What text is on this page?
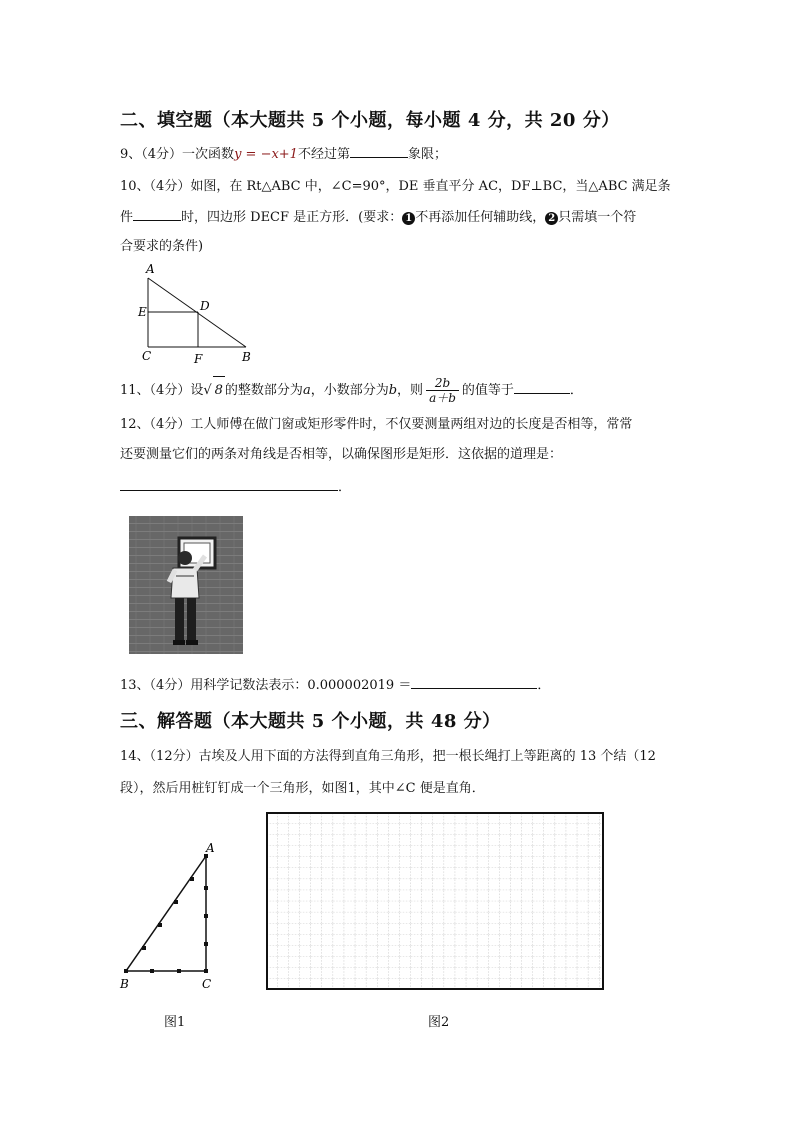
二、填空题（本大题共 5 个小题，每小题 4 分，共 20 分）
9、（4分）一次函数y = −x+1不经过第	象限；
10、（4分）如图，在 Rt△ABC 中，∠C=90°，DE 垂直平分 AC，DF⊥BC，当△ABC 满足条
件	时，四边形 DECF 是正方形．(要求： 1 不再添加任何辅助线， 2 只需填一个符
合要求的条件)
A
D
E
C	F	B
11、（4分）设√ 8 的整数部分为a，小数部分为b，则 $\frac{2b}{a+b}$ 的值等于	．
12、（4分）工人师傅在做门窗或矩形零件时，不仅要测量两组对边的长度是否相等，常常
还要测量它们的两条对角线是否相等，以确保图形是矩形．这依据的道理是：
．
13、（4分）用科学记数法表示：0.000002019 ＝	．
三、解答题（本大题共 5 个小题，共 48 分）
14、（12分）古埃及人用下面的方法得到直角三角形，把一根长绳打上等距离的 13 个结（12
段），然后用桩钉钉成一个三角形，如图1，其中∠C 便是直角．
A
B	C
图1	图2
